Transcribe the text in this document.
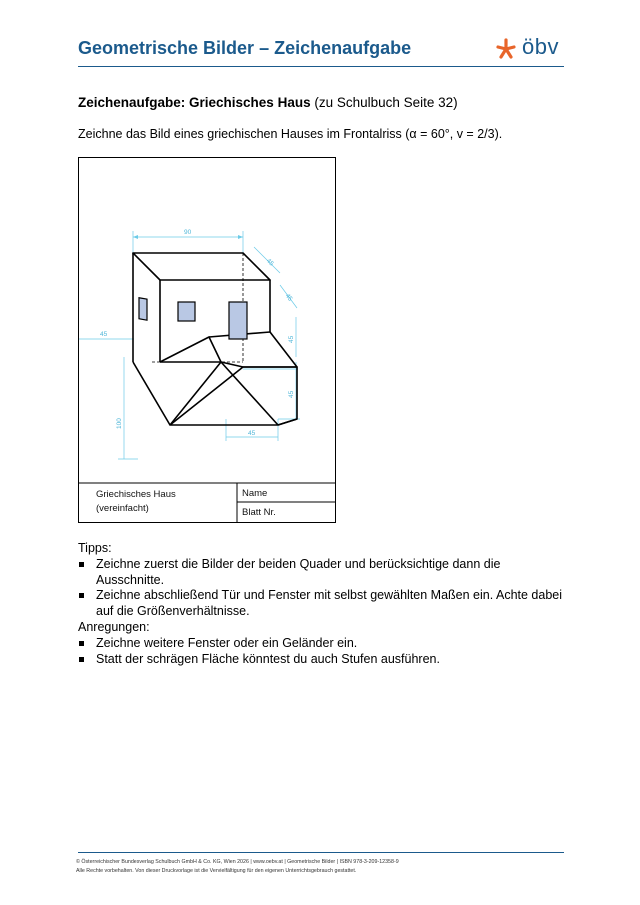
Geometrische Bilder – Zeichenaufgabe	öbv
Zeichenaufgabe: Griechisches Haus (zu Schulbuch Seite 32)
Zeichne das Bild eines griechischen Hauses im Frontalriss (α = 60°, v = 2/3).
90
45
45
45
45
45
100
45
Griechisches Haus
(vereinfacht)
Name
Blatt Nr.
Tipps:
Zeichne zuerst die Bilder der beiden Quader und berücksichtige dann die Ausschnitte.
Zeichne abschließend Tür und Fenster mit selbst gewählten Maßen ein. Achte dabei auf die Größenverhältnisse.
Anregungen:
Zeichne weitere Fenster oder ein Geländer ein.
Statt der schrägen Fläche könntest du auch Stufen ausführen.
© Österreichischer Bundesverlag Schulbuch GmbH & Co. KG, Wien 2026 | www.oebv.at | Geometrische Bilder | ISBN 978-3-209-12358-9
Alle Rechte vorbehalten. Von dieser Druckvorlage ist die Vervielfältigung für den eigenen Unterrichtsgebrauch gestattet.
